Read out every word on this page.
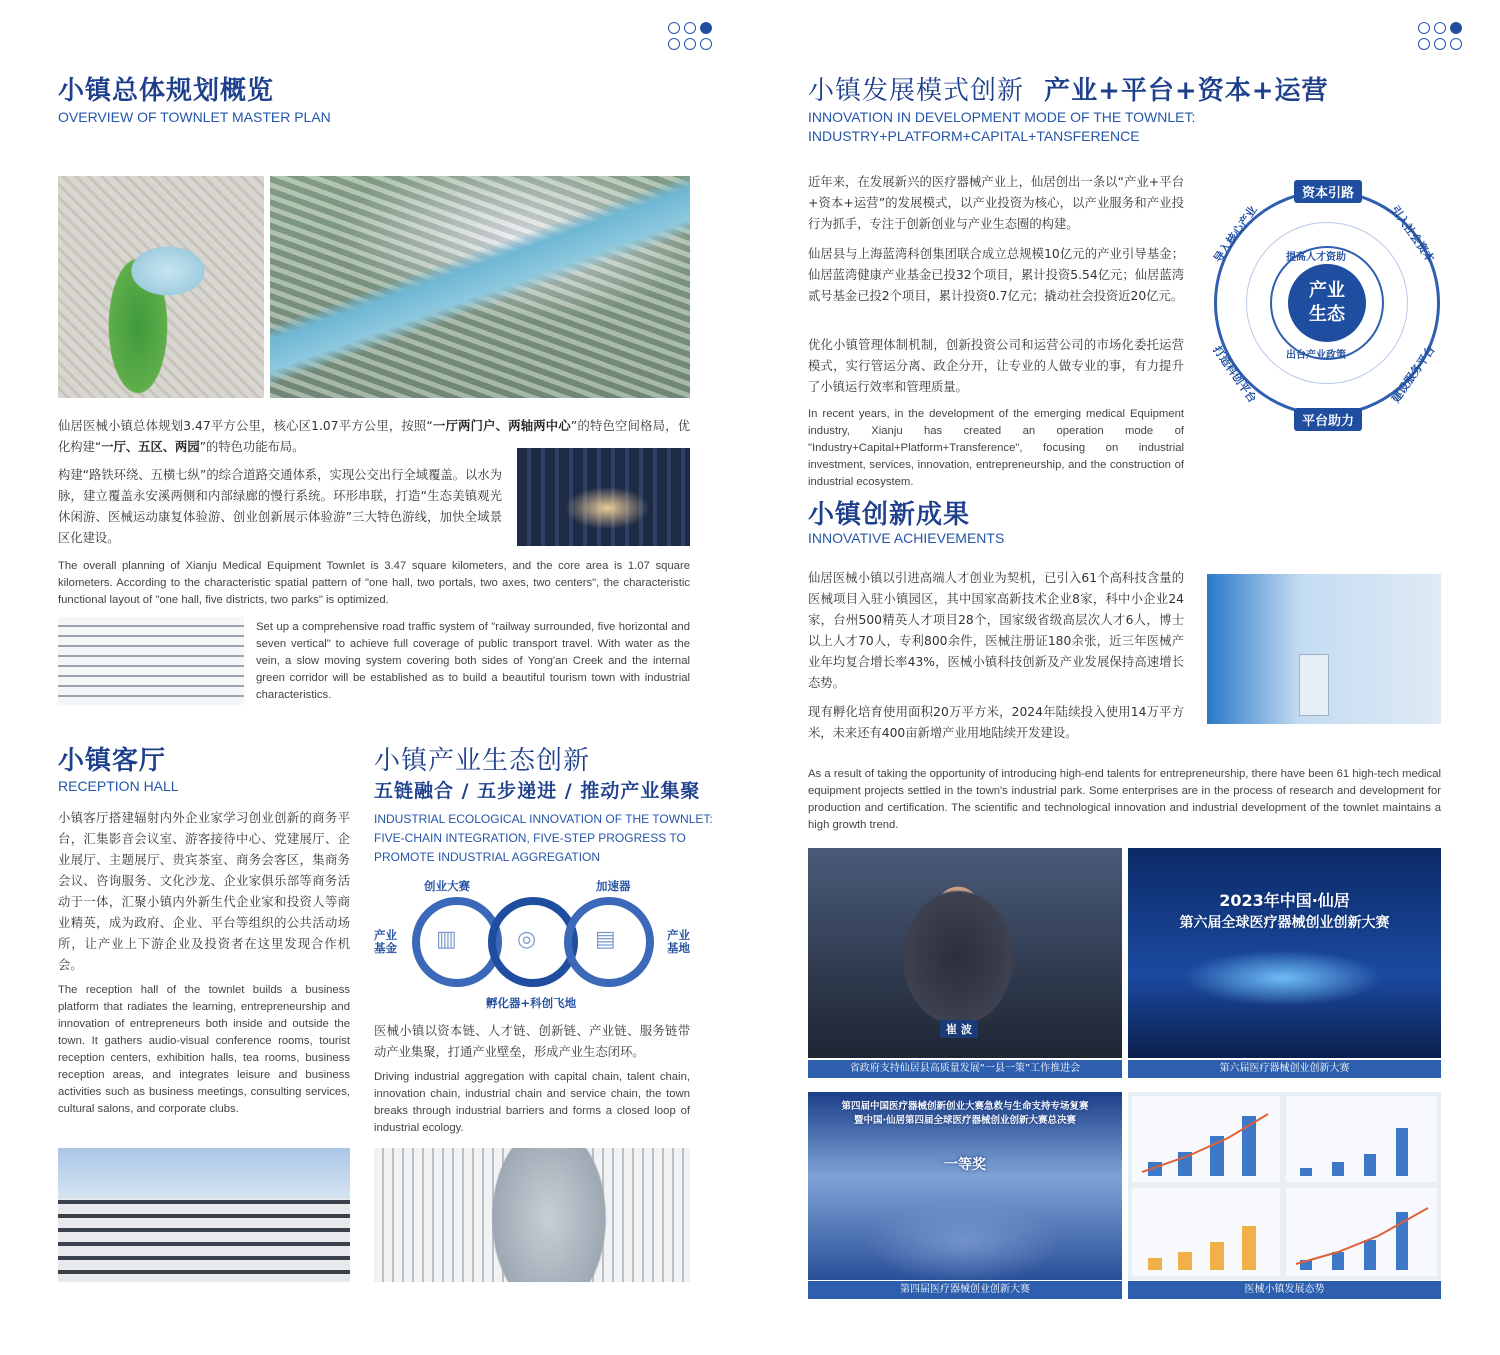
小镇总体规划概览
OVERVIEW OF TOWNLET MASTER PLAN
仙居医械小镇总体规划3.47平方公里，核心区1.07平方公里，按照“一厅两门户、两轴两中心”的特色空间格局，优化构建“一厅、五区、两园”的特色功能布局。
构建“路铁环绕、五横七纵”的综合道路交通体系，实现公交出行全域覆盖。以水为脉，建立覆盖永安溪两侧和内部绿廊的慢行系统。环形串联，打造“生态美镇观光休闲游、医械运动康复体验游、创业创新展示体验游”三大特色游线，加快全域景区化建设。
The overall planning of Xianju Medical Equipment Townlet is 3.47 square kilometers, and the core area is 1.07 square kilometers. According to the characteristic spatial pattern of "one hall, two portals, two axes, two centers", the characteristic functional layout of "one hall, five districts, two parks" is optimized.
Set up a comprehensive road traffic system of "railway surrounded, five horizontal and seven vertical" to achieve full coverage of public transport travel. With water as the vein, a slow moving system covering both sides of Yong'an Creek and the internal green corridor will be established as to build a beautiful tourism town with industrial characteristics.
小镇客厅
RECEPTION HALL
小镇客厅搭建辐射内外企业家学习创业创新的商务平台，汇集影音会议室、游客接待中心、党建展厅、企业展厅、主题展厅、贵宾茶室、商务会客区，集商务会议、咨询服务、文化沙龙、企业家俱乐部等商务活动于一体，汇聚小镇内外新生代企业家和投资人等商业精英，成为政府、企业、平台等组织的公共活动场所，让产业上下游企业及投资者在这里发现合作机会。
The reception hall of the townlet builds a business platform that radiates the learning, entrepreneurship and innovation of entrepreneurs both inside and outside the town. It gathers audio-visual conference rooms, tourist reception centers, exhibition halls, tea rooms, business reception areas, and integrates leisure and business activities such as business meetings, consulting services, cultural salons, and corporate clubs.
小镇产业生态创新
五链融合 / 五步递进 / 推动产业集聚
INDUSTRIAL ECOLOGICAL INNOVATION OF THE TOWNLET:
FIVE-CHAIN INTEGRATION, FIVE-STEP PROGRESS TO
PROMOTE INDUSTRIAL AGGREGATION
▥	◎	▤
创业大赛	加速器
产业
基金
产业
基地
孵化器+科创飞地
医械小镇以资本链、人才链、创新链、产业链、服务链带动产业集聚，打通产业壁垒，形成产业生态闭环。
Driving industrial aggregation with capital chain, talent chain, innovation chain, industrial chain and service chain, the town breaks through industrial barriers and forms a closed loop of industrial ecology.
小镇发展模式创新 产业+平台+资本+运营
INNOVATION IN DEVELOPMENT MODE OF THE TOWNLET:
INDUSTRY+PLATFORM+CAPITAL+TANSFERENCE
近年来，在发展新兴的医疗器械产业上，仙居创出一条以“产业+平台+资本+运营”的发展模式，以产业投资为核心，以产业服务和产业投行为抓手，专注于创新创业与产业生态圈的构建。
仙居县与上海蓝湾科创集团联合成立总规模10亿元的产业引导基金；仙居蓝湾健康产业基金已投32个项目，累计投资5.54亿元；仙居蓝湾贰号基金已投2个项目，累计投资0.7亿元；撬动社会投资近20亿元。
优化小镇管理体制机制，创新投资公司和运营公司的市场化委托运营模式，实行管运分离、政企分开，让专业的人做专业的事，有力提升了小镇运行效率和管理质量。
In recent years, in the development of the emerging medical Equipment industry, Xianju has created an operation mode of "Industry+Capital+Platform+Transference", focusing on industrial investment, services, innovation, entrepreneurship, and the construction of industrial ecosystem.
产业
生态
提高人才资助
出台产业政策
资本引路
平台助力
导入核心产业	引入社会资本
打造科创平台	建设服务平台
小镇创新成果
INNOVATIVE ACHIEVEMENTS
仙居医械小镇以引进高端人才创业为契机，已引入61个高科技含量的医械项目入驻小镇园区，其中国家高新技术企业8家，科中小企业24家，台州500精英人才项目28个，国家级省级高层次人才6人，博士以上人才70人，专利800余件，医械注册证180余张，近三年医械产业年均复合增长率43%，医械小镇科技创新及产业发展保持高速增长态势。
现有孵化培育使用面积20万平方米，2024年陆续投入使用14万平方米，未来还有400亩新增产业用地陆续开发建设。
As a result of taking the opportunity of introducing high-end talents for entrepreneurship, there have been 61 high-tech medical equipment projects settled in the town's industrial park. Some enterprises are in the process of research and development for production and certification. The scientific and technological innovation and industrial development of the townlet maintains a high growth trend.
崔 波
省政府支持仙居县高质量发展“一县一策”工作推进会
2023年中国·仙居
第六届全球医疗器械创业创新大赛
第六届医疗器械创业创新大赛
第四届中国医疗器械创新创业大赛急救与生命支持专场复赛
暨中国·仙居第四届全球医疗器械创业创新大赛总决赛
一等奖
第四届医疗器械创业创新大赛	医械小镇发展态势
